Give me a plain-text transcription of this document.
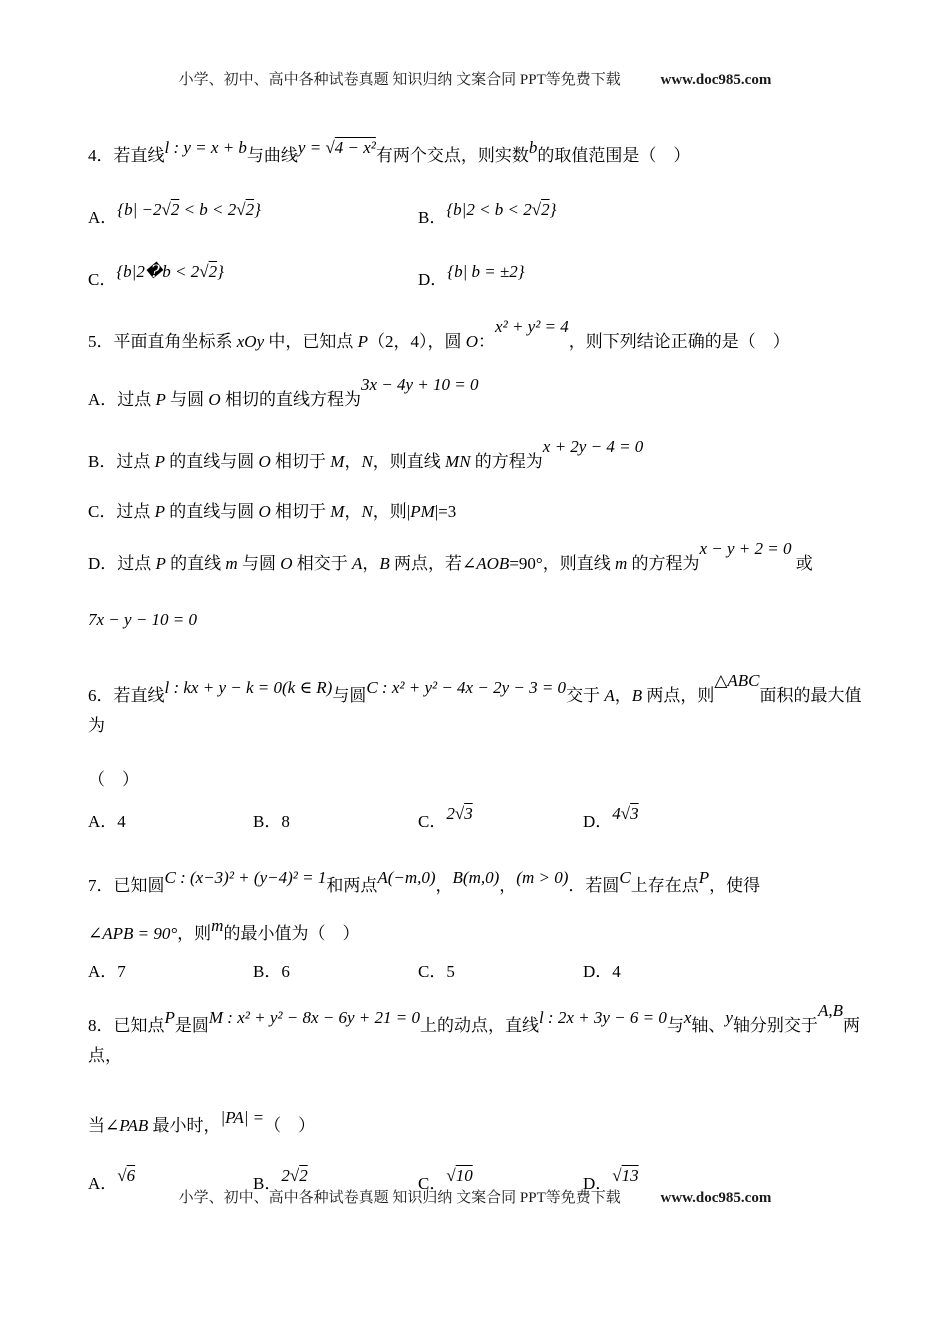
小学、初中、高中各种试卷真题 知识归纳 文案合同 PPT等免费下载	www.doc985.com

4．若直线l : y = x + b与曲线y = √4 − x²有两个交点，则实数b的取值范围是（　）

A．{b| −2√2 < b < 2√2}	B．{b|2 < b < 2√2}
C．{b|2�b < 2√2}	D．{b| b = ±2}

5．平面直角坐标系 xOy 中，已知点 P（2，4），圆 O：x² + y² = 4，则下列结论正确的是（　）

A．过点 P 与圆 O 相切的直线方程为3x − 4y + 10 = 0

B．过点 P 的直线与圆 O 相切于 M，N，则直线 MN 的方程为x + 2y − 4 = 0

C．过点 P 的直线与圆 O 相切于 M，N，则|PM|=3

D．过点 P 的直线 m 与圆 O 相交于 A，B 两点，若∠AOB=90°，则直线 m 的方程为x − y + 2 = 0 或

7x − y − 10 = 0

6．若直线l : kx + y − k = 0(k ∈ R)与圆C : x² + y² − 4x − 2y − 3 = 0交于 A，B 两点，则△ABC面积的最大值为

（　）

A．4	B．8	C．2√3	D．4√3

7．已知圆C : (x−3)² + (y−4)² = 1和两点A(−m,0)，B(m,0)，(m > 0)．若圆C上存在点P，使得

∠APB = 90°，则m的最小值为（　）

A．7	B．6	C．5	D．4

8．已知点P是圆M : x² + y² − 8x − 6y + 21 = 0上的动点，直线l : 2x + 3y − 6 = 0与x轴、y轴分别交于A,B两点，

当∠PAB 最小时，|PA| =（　）

A．√6	B．2√2	C．√10	D．√13
小学、初中、高中各种试卷真题 知识归纳 文案合同 PPT等免费下载	www.doc985.com
